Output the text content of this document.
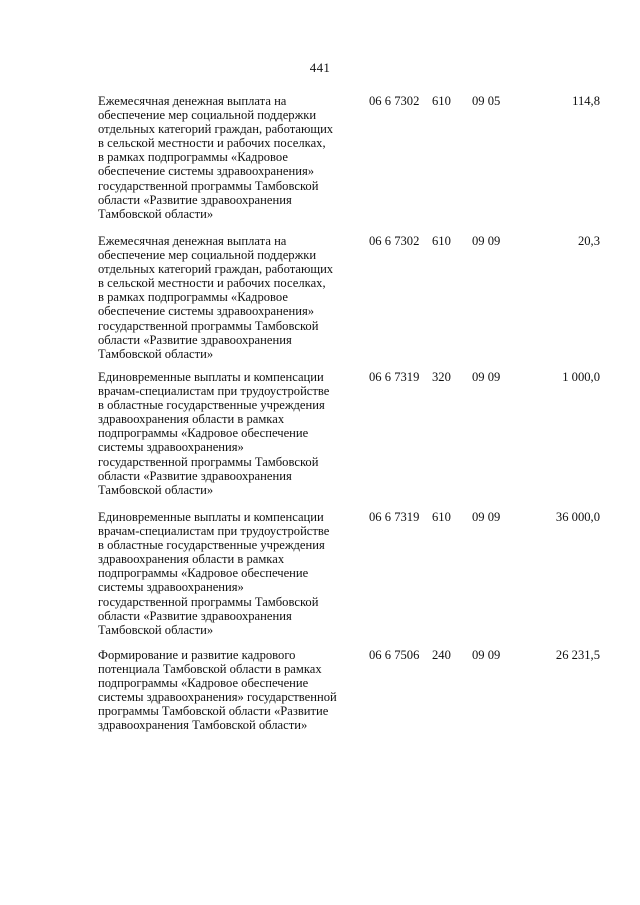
441
Ежемесячная денежная выплата на
обеспечение мер социальной поддержки
отдельных категорий граждан, работающих
в сельской местности и рабочих поселках,
в рамках подпрограммы «Кадровое
обеспечение системы здравоохранения»
государственной программы Тамбовской
области «Развитие здравоохранения
Тамбовской области»
06 6 7302 610 09 05	114,8
Ежемесячная денежная выплата на
обеспечение мер социальной поддержки
отдельных категорий граждан, работающих
в сельской местности и рабочих поселках,
в рамках подпрограммы «Кадровое
обеспечение системы здравоохранения»
государственной программы Тамбовской
области «Развитие здравоохранения
Тамбовской области»
06 6 7302 610 09 09	20,3
Единовременные выплаты и компенсации
врачам-специалистам при трудоустройстве
в областные государственные учреждения
здравоохранения области в рамках
подпрограммы «Кадровое обеспечение
системы здравоохранения»
государственной программы Тамбовской
области «Развитие здравоохранения
Тамбовской области»
06 6 7319 320 09 09	1 000,0
Единовременные выплаты и компенсации
врачам-специалистам при трудоустройстве
в областные государственные учреждения
здравоохранения области в рамках
подпрограммы «Кадровое обеспечение
системы здравоохранения»
государственной программы Тамбовской
области «Развитие здравоохранения
Тамбовской области»
06 6 7319 610 09 09	36 000,0
Формирование и развитие кадрового
потенциала Тамбовской области в рамках
подпрограммы «Кадровое обеспечение
системы здравоохранения» государственной
программы Тамбовской области «Развитие
здравоохранения Тамбовской области»
06 6 7506 240 09 09	26 231,5
